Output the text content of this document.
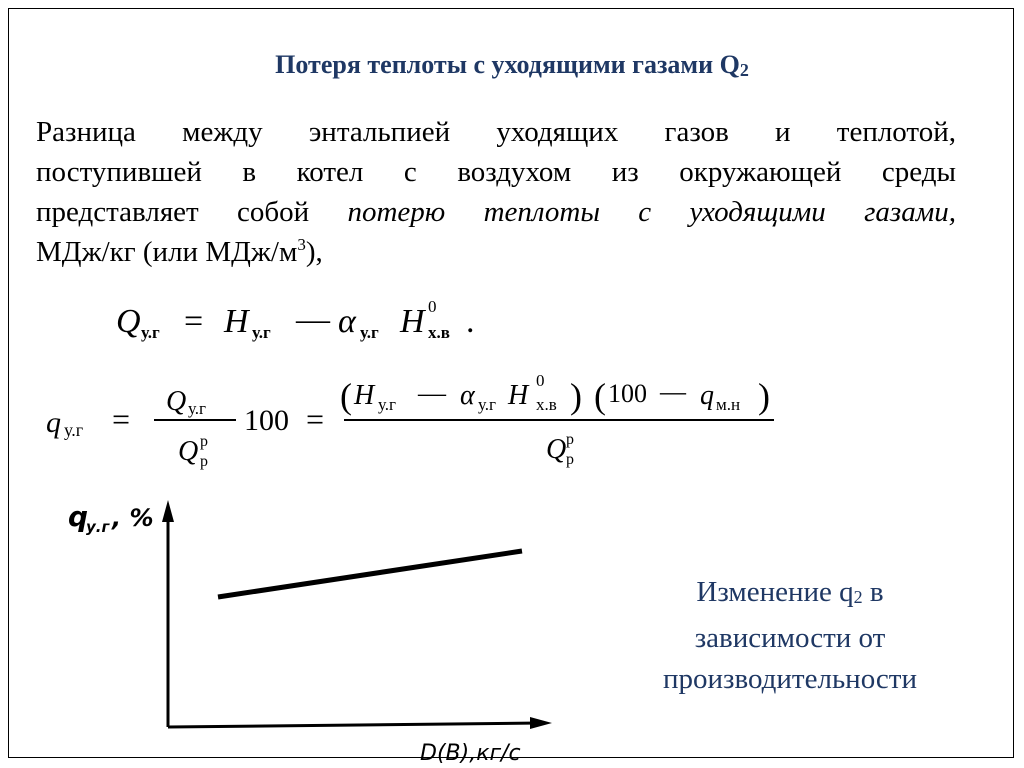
Потеря теплоты с уходящими газами $Q_2$
Разница между энтальпией уходящих газов и теплотой,
поступившей в котел с воздухом из окружающей среды
представляет собой потерю теплоты с уходящими газами,
МДж/кг (или МДж/$м^3$),
Q у.г = H у.г — α у.г H 0
х.в .
q у.г = Q у.г
Q р
р
100 =
( H у.г — α у.г H 0
х.в ) ( 100 — q м.н )
Q р
р
q
у.г , %
D(B),кг/с
Изменение $q_2$ в
зависимости от
производительности
